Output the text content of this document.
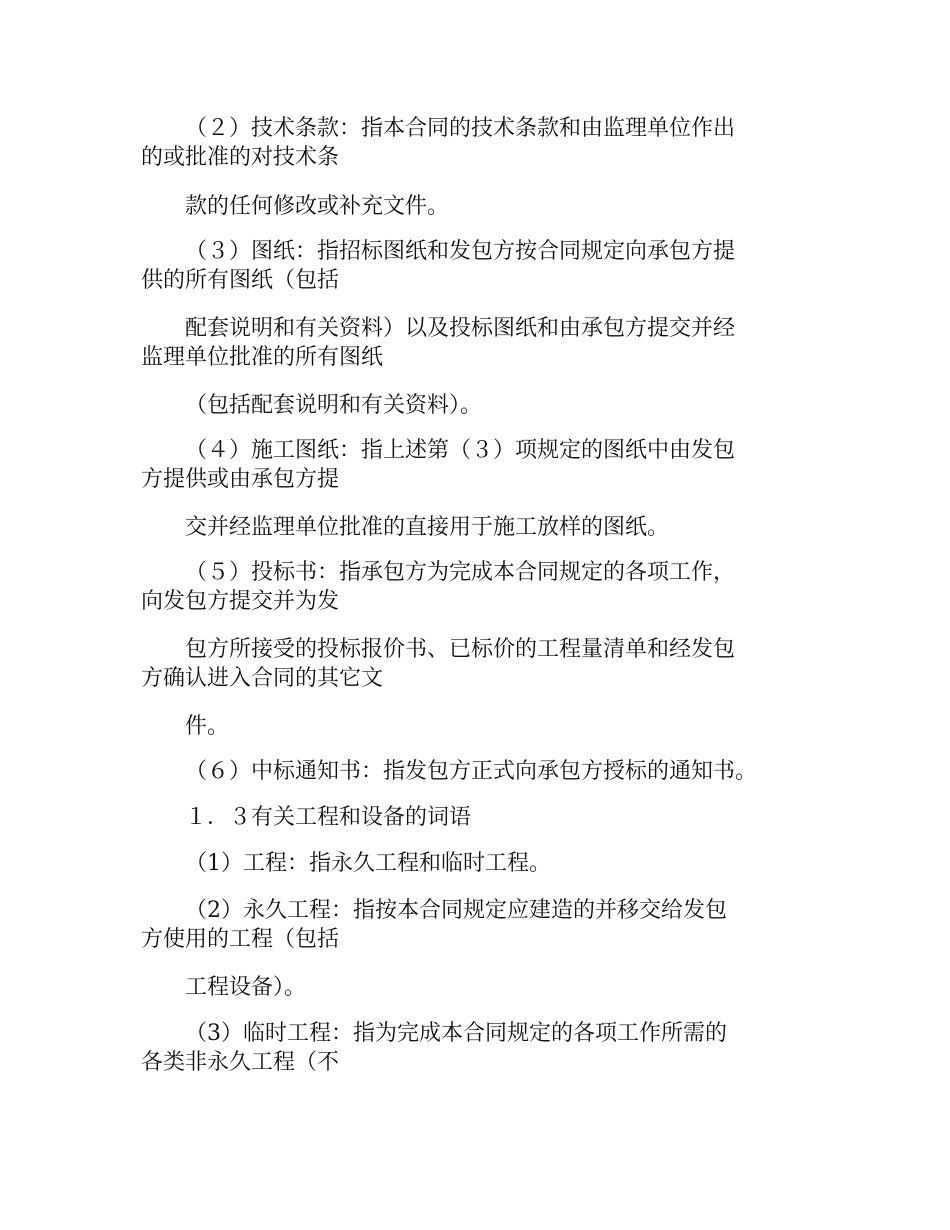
（２）技术条款：指本合同的技术条款和由监理单位作出
的或批准的对技术条
款的任何修改或补充文件。
（３）图纸：指招标图纸和发包方按合同规定向承包方提
供的所有图纸（包括
配套说明和有关资料）以及投标图纸和由承包方提交并经
监理单位批准的所有图纸
（包括配套说明和有关资料）。
（４）施工图纸：指上述第（３）项规定的图纸中由发包
方提供或由承包方提
交并经监理单位批准的直接用于施工放样的图纸。
（５）投标书：指承包方为完成本合同规定的各项工作，
向发包方提交并为发
包方所接受的投标报价书、已标价的工程量清单和经发包
方确认进入合同的其它文
件。
（６）中标通知书：指发包方正式向承包方授标的通知书。
１．３有关工程和设备的词语
（1）工程：指永久工程和临时工程。
（2）永久工程：指按本合同规定应建造的并移交给发包
方使用的工程（包括
工程设备）。
（3）临时工程：指为完成本合同规定的各项工作所需的
各类非永久工程（不
